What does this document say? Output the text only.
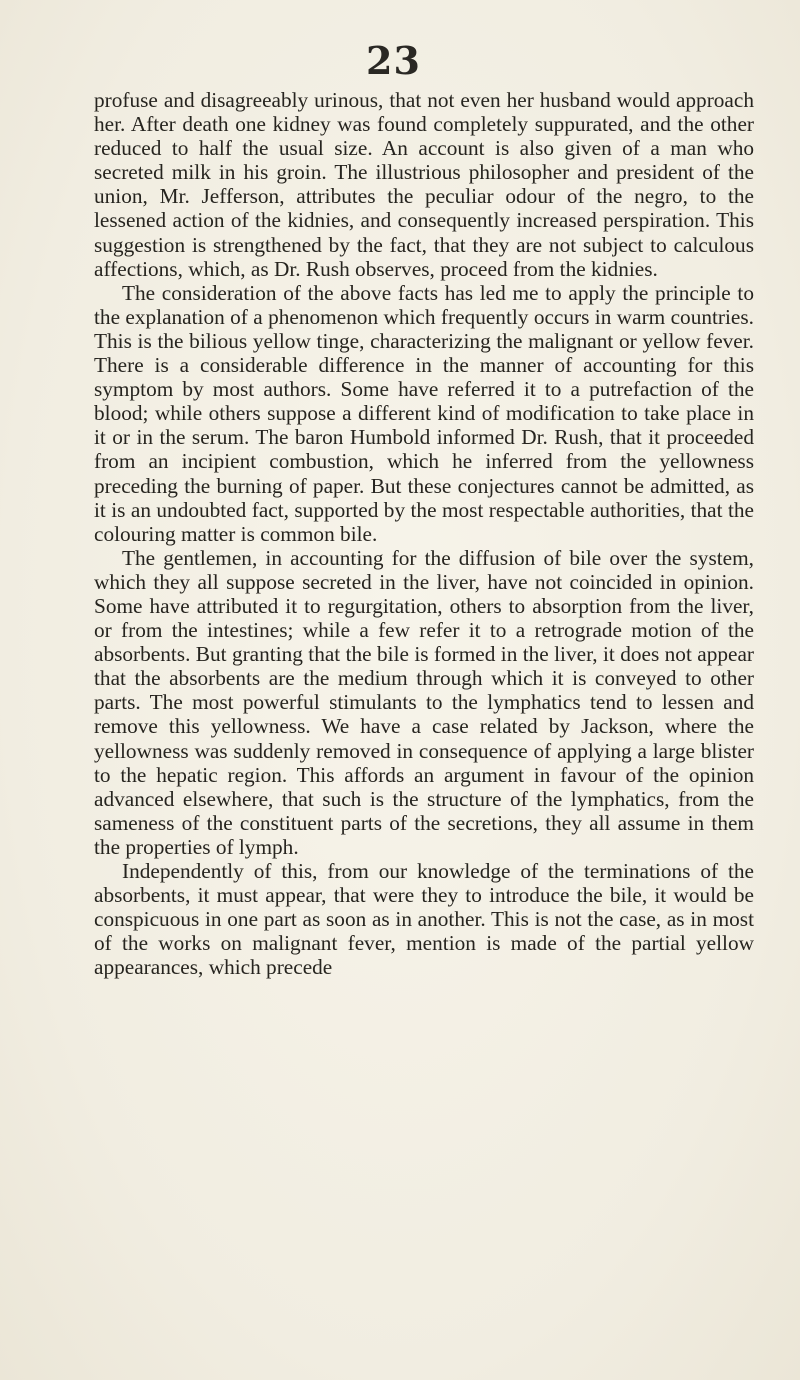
23

profuse and disagreeably urinous, that not even her husband would approach her. After death one kidney was found completely suppurated, and the other reduced to half the usual size. An account is also given of a man who secreted milk in his groin. The illustrious philosopher and president of the union, Mr. Jefferson, attributes the peculiar odour of the negro, to the lessened action of the kidnies, and consequently increased perspiration. This suggestion is strengthened by the fact, that they are not subject to calculous affections, which, as Dr. Rush observes, proceed from the kidnies.

The consideration of the above facts has led me to apply the principle to the explanation of a phenomenon which frequently occurs in warm countries. This is the bilious yellow tinge, characterizing the malignant or yellow fever. There is a considerable difference in the manner of accounting for this symptom by most authors. Some have referred it to a putrefaction of the blood; while others suppose a different kind of modification to take place in it or in the serum. The baron Humbold informed Dr. Rush, that it proceeded from an incipient combustion, which he inferred from the yellowness preceding the burning of paper. But these conjectures cannot be admitted, as it is an undoubted fact, supported by the most respectable authorities, that the colouring matter is common bile.

The gentlemen, in accounting for the diffusion of bile over the system, which they all suppose secreted in the liver, have not coincided in opinion. Some have attributed it to regurgitation, others to absorption from the liver, or from the intestines; while a few refer it to a retrograde motion of the absorbents. But granting that the bile is formed in the liver, it does not appear that the absorbents are the medium through which it is conveyed to other parts. The most powerful stimulants to the lymphatics tend to lessen and remove this yellowness. We have a case related by Jackson, where the yellowness was suddenly removed in consequence of applying a large blister to the hepatic region. This affords an argument in favour of the opinion advanced elsewhere, that such is the structure of the lymphatics, from the sameness of the constituent parts of the secretions, they all assume in them the properties of lymph.

Independently of this, from our knowledge of the terminations of the absorbents, it must appear, that were they to introduce the bile, it would be conspicuous in one part as soon as in another. This is not the case, as in most of the works on malignant fever, mention is made of the partial yellow appearances, which precede
